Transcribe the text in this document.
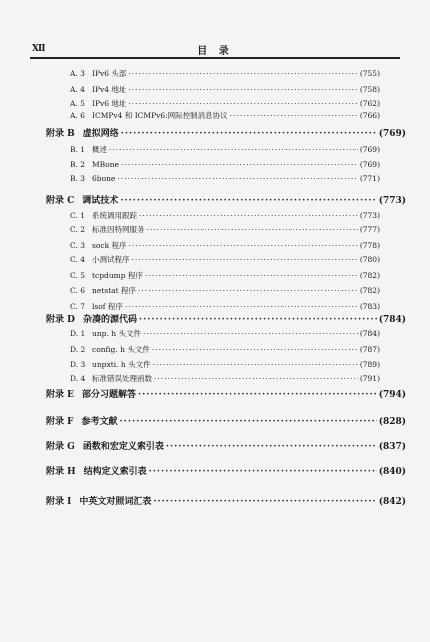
Ⅻ	目 录
A. 3 IPv6 头部 ·····	(755)
A. 4 IPv4 地址 ·····	(758)
A. 5 IPv6 地址 ·····	(762)
A. 6 ICMPv4 和 ICMPv6:网际控制消息协议 ·····	(766)
附录 B 虚拟网络 ·····	(769)
B. 1 概述 ·····	(769)
B. 2 MBone ·····	(769)
B. 3 6bone ·····	(771)
附录 C 调试技术 ·····	(773)
C. 1 系统调用跟踪 ·····	(773)
C. 2 标准因特网服务 ·····	(777)
C. 3 sock 程序 ·····	(778)
C. 4 小测试程序 ·····	(780)
C. 5 tcpdump 程序 ·····	(782)
C. 6 netstat 程序 ·····	(782)
C. 7 lsof 程序 ·····	(783)
附录 D 杂凑的源代码 ·····	(784)
D. 1 unp. h 头文件 ·····	(784)
D. 2 config. h 头文件 ·····	(787)
D. 3 unpxti. h 头文件 ·····	(789)
D. 4 标准错误处理函数 ·····	(791)
附录 E 部分习题解答 ·····	(794)
附录 F 参考文献 ·····	(828)
附录 G 函数和宏定义索引表 ·····	(837)
附录 H 结构定义索引表 ·····	(840)
附录 I 中英文对照词汇表 ·····	(842)
